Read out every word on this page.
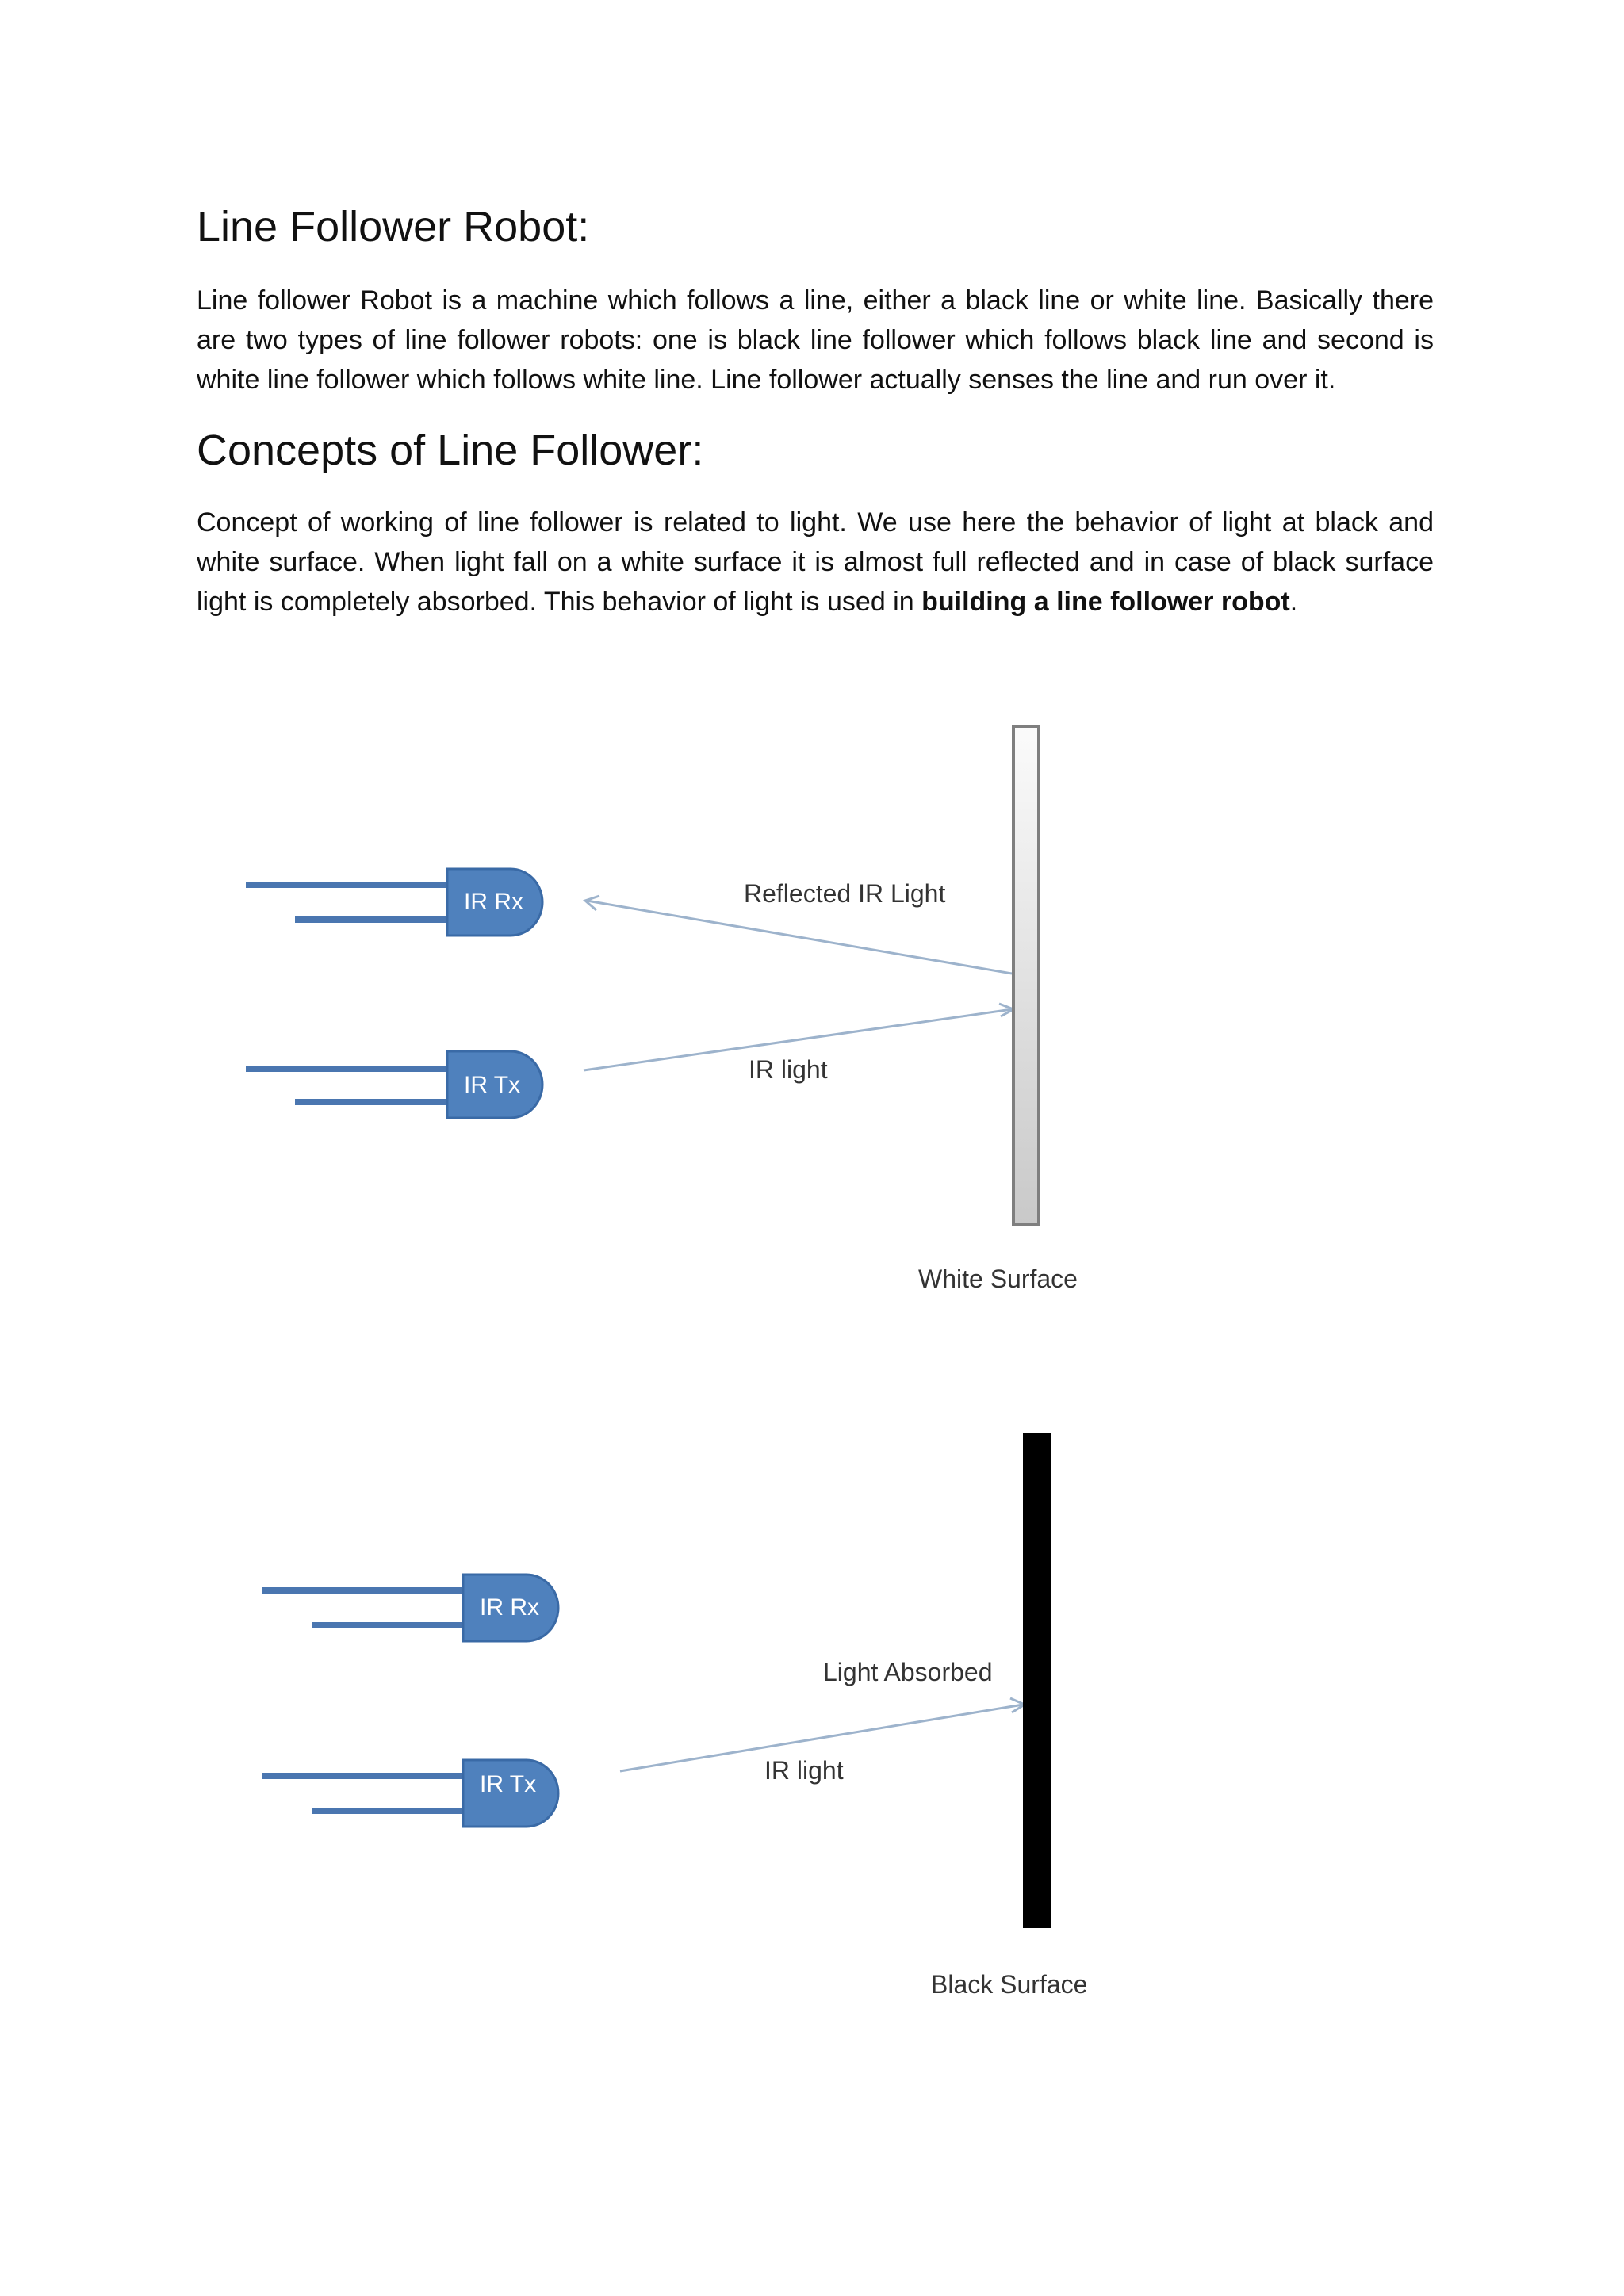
Line Follower Robot:

Line follower Robot is a machine which follows a line, either a black line or white line. Basically there are two types of line follower robots: one is black line follower which follows black line and second is white line follower which follows white line. Line follower actually senses the line and run over it.

Concepts of Line Follower:

Concept of working of line follower is related to light. We use here the behavior of light at black and white surface. When light fall on a white surface it is almost full reflected and in case of black surface light is completely absorbed. This behavior of light is used in building a line follower robot.

IR Rx
IR Tx
Reflected IR Light
IR light
White Surface
IR Rx
IR Tx
Light Absorbed
IR light
Black Surface
